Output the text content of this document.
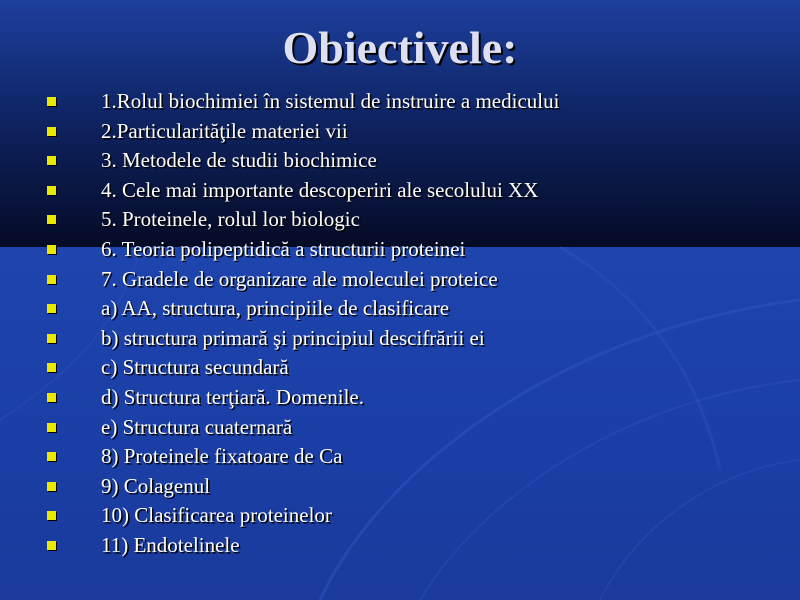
Obiectivele:
1.Rolul biochimiei în sistemul de instruire a medicului
2.Particularităţile materiei vii
3. Metodele de studii biochimice
4. Cele mai importante descoperiri ale secolului XX
5. Proteinele, rolul lor biologic
6. Teoria polipeptidică a structurii proteinei
7. Gradele de organizare ale moleculei proteice
a) AA, structura, principiile de clasificare
b) structura primară şi principiul descifrării ei
c) Structura secundară
d) Structura terţiară. Domenile.
e) Structura cuaternară
8) Proteinele fixatoare de Ca
9) Colagenul
10) Clasificarea proteinelor
11) Endotelinele
